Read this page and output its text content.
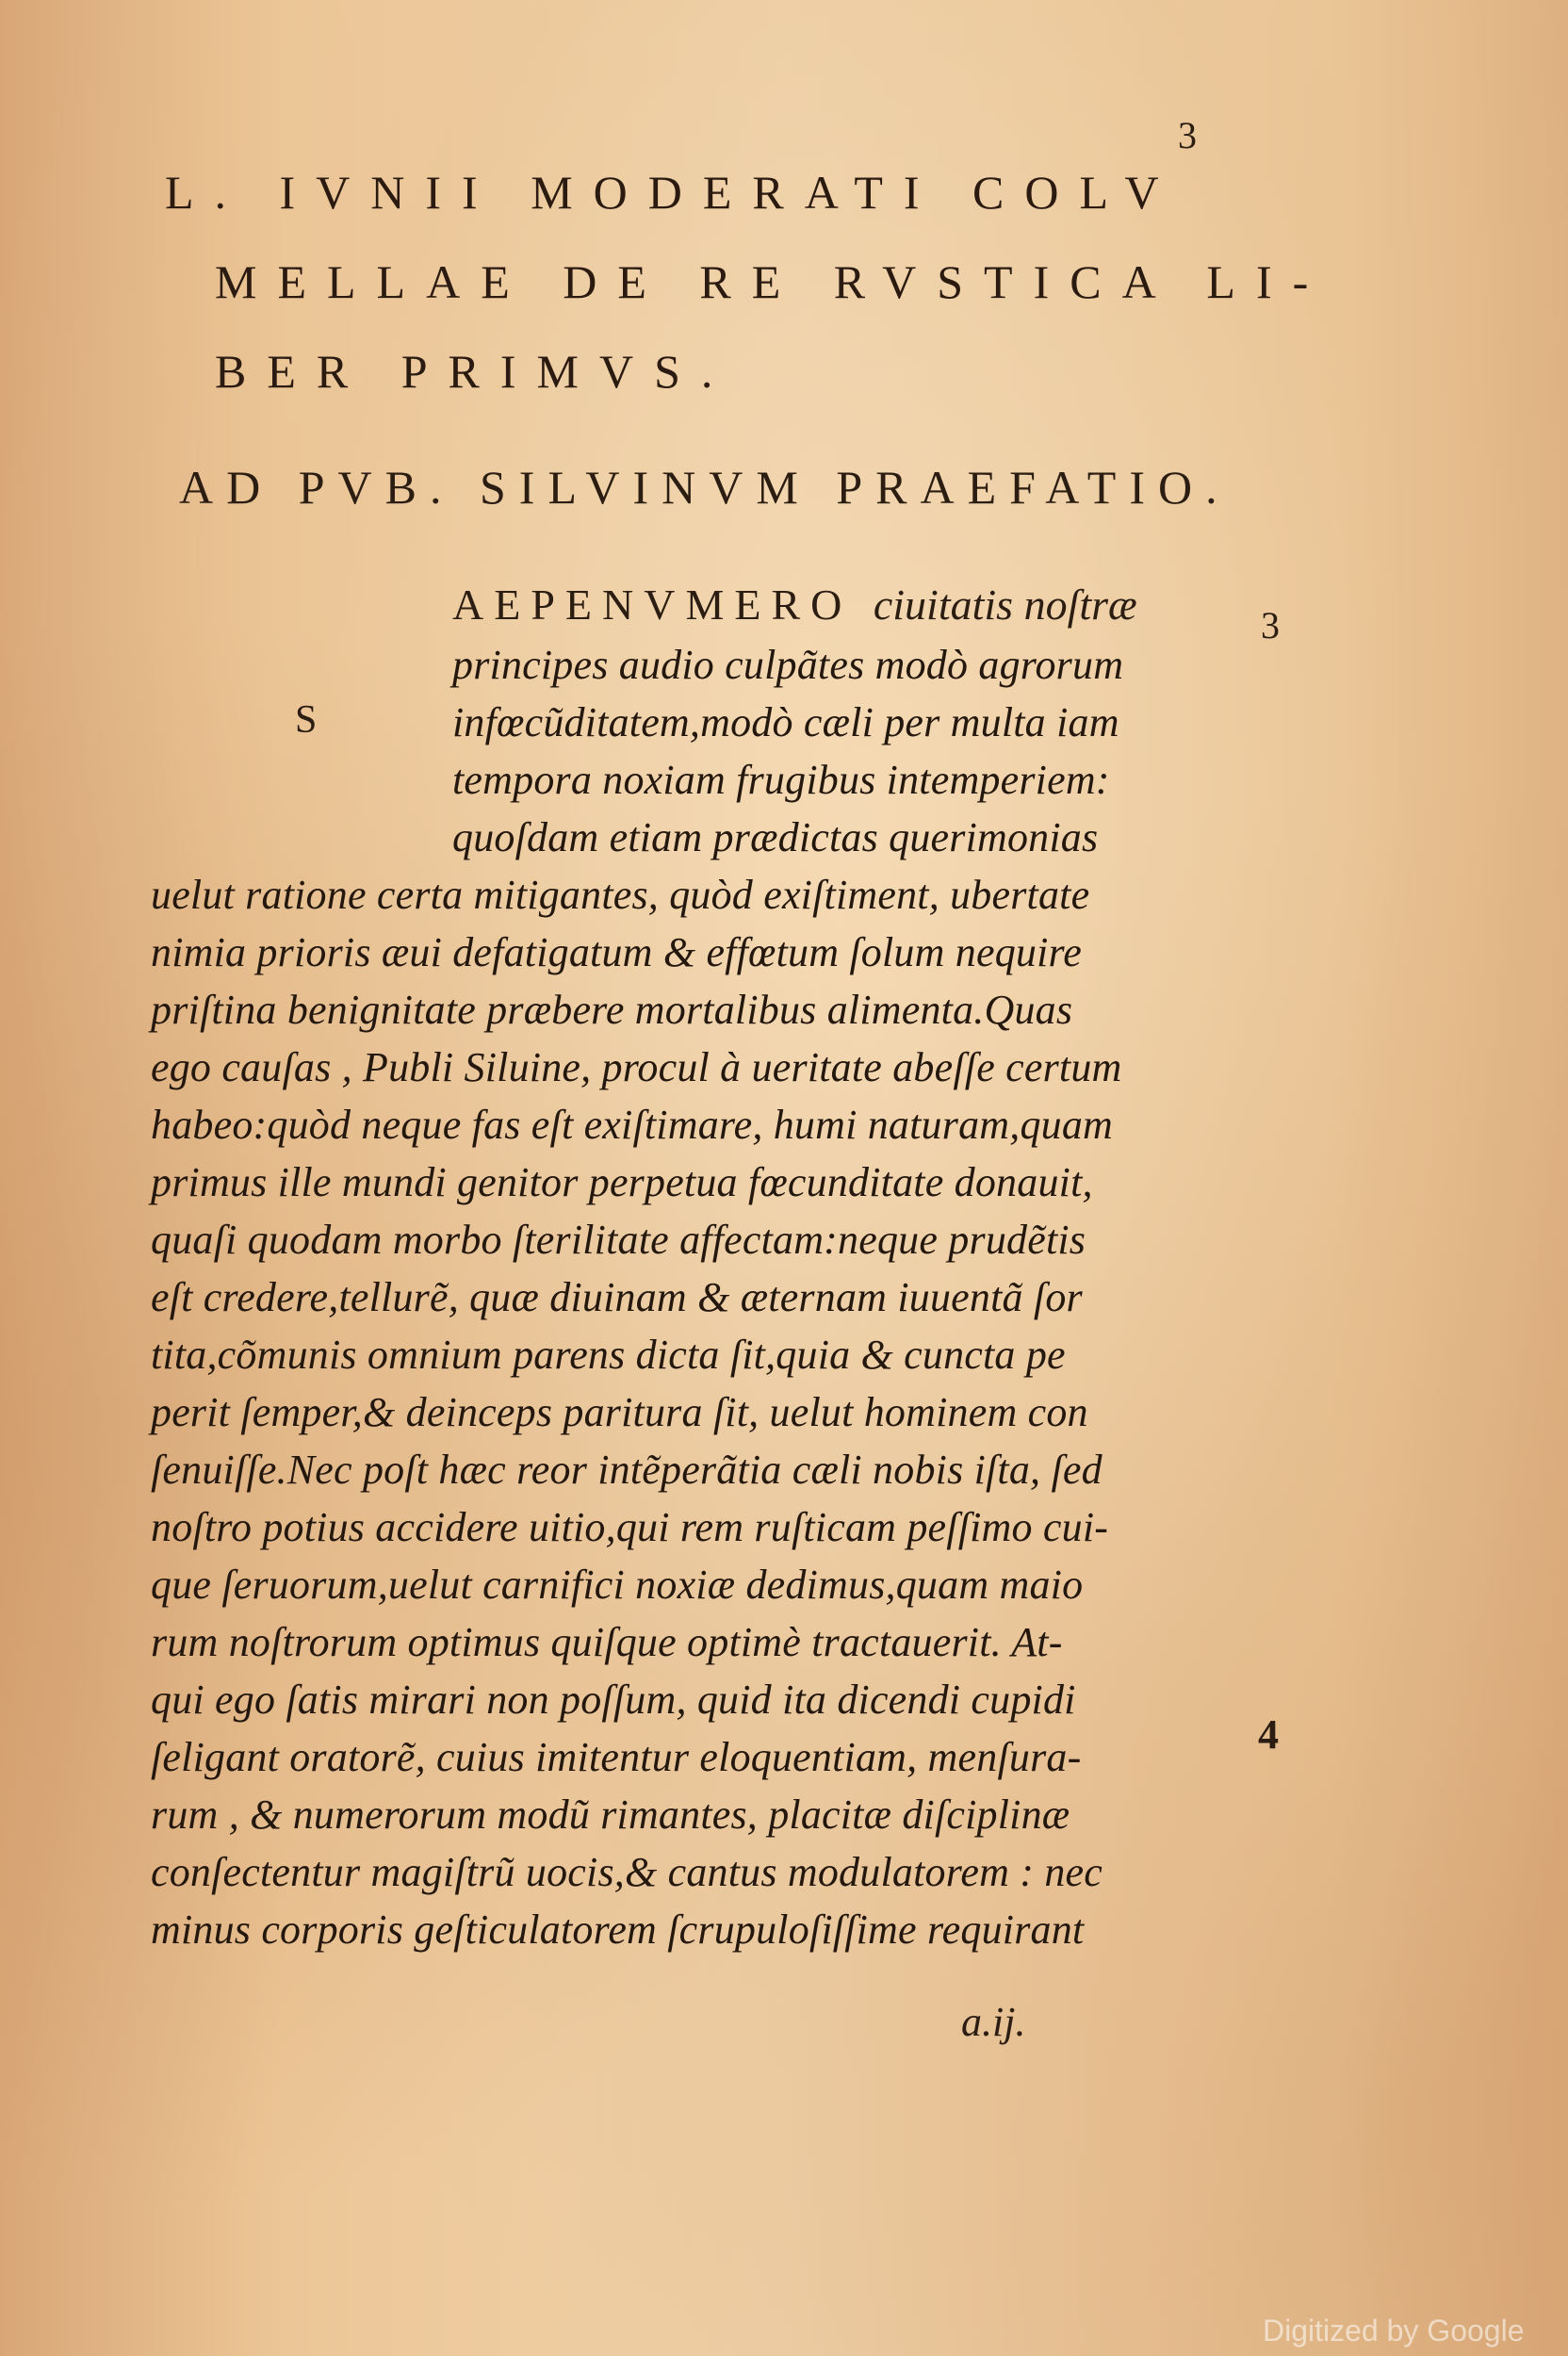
3
L. IVNII MODERATI COLV
MELLAE DE RE RVSTICA LI-
BER PRIMVS.
AD PVB. SILVINVM PRAEFATIO.
AEPENVMERO ciuitatis noſtræ
S
3
4
principes audio culpãtes modò agrorum
infœcũditatem,modò cæli per multa iam
tempora noxiam frugibus intemperiem:
quoſdam etiam prædictas querimonias
uelut ratione certa mitigantes, quòd exiſtiment, ubertate
nimia prioris æui defatigatum & effœtum ſolum nequire
priſtina benignitate præbere mortalibus alimenta.Quas
ego cauſas , Publi Siluine, procul à ueritate abeſſe certum
habeo:quòd neque fas eſt exiſtimare, humi naturam,quam
primus ille mundi genitor perpetua fœcunditate donauit,
quaſi quodam morbo ſterilitate affectam:neque prudẽtis
eſt credere,tellurẽ, quæ diuinam & æternam iuuentã ſor
tita,cõmunis omnium parens dicta ſit,quia & cuncta pe
perit ſemper,& deinceps paritura ſit, uelut hominem con
ſenuiſſe.Nec poſt hæc reor intẽperãtia cæli nobis iſta, ſed
noſtro potius accidere uitio,qui rem ruſticam peſſimo cui-
que ſeruorum,uelut carnifici noxiæ dedimus,quam maio
rum noſtrorum optimus quiſque optimè tractauerit. At-
qui ego ſatis mirari non poſſum, quid ita dicendi cupidi
ſeligant oratorẽ, cuius imitentur eloquentiam, menſura-
rum , & numerorum modũ rimantes, placitæ diſciplinæ
conſectentur magiſtrũ uocis,& cantus modulatorem : nec
minus corporis geſticulatorem ſcrupuloſiſſime requirant
a.ij.
Digitized by Google
